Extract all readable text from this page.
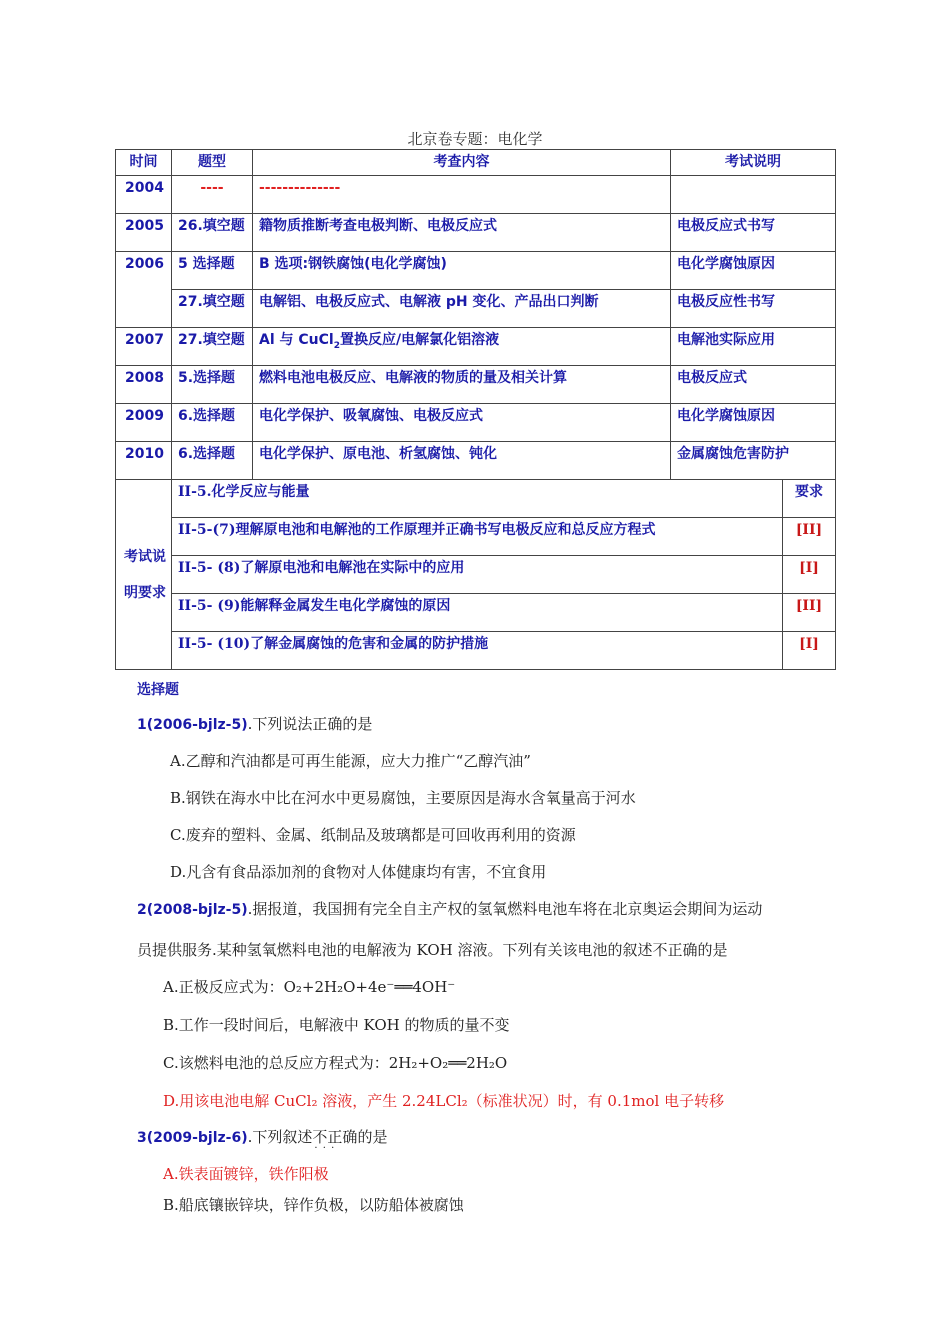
北京卷专题：电化学
时间	题型	考查内容	考试说明	
2004	----	--------------		
2005	26.填空题	籍物质推断考查电极判断、电极反应式	电极反应式书写	
2006	5 选择题	B 选项:钢铁腐蚀(电化学腐蚀)	电化学腐蚀原因	
	27.填空题	电解铝、电极反应式、电解液 pH 变化、产品出口判断	电极反应性书写	
2007	27.填空题	Al 与 CuCl$_2$置换反应/电解氯化铝溶液	电解池实际应用	
2008	5.选择题	燃料电池电极反应、电解液的物质的量及相关计算	电极反应式	
2009	6.选择题	电化学保护、吸氧腐蚀、电极反应式	电化学腐蚀原因	
2010	6.选择题	电化学保护、原电池、析氢腐蚀、钝化	金属腐蚀危害防护	
考试说明要求	II-5.化学反应与能量			要求
	II-5-(7)理解原电池和电解池的工作原理并正确书写电极反应和总反应方程式			[II]
	II-5- (8)了解原电池和电解池在实际中的应用			[I]
	II-5- (9)能解释金属发生电化学腐蚀的原因			[II]
	II-5- (10)了解金属腐蚀的危害和金属的防护措施			[I]
选择题
1(2006-bjlz-5).下列说法正确的是
A.乙醇和汽油都是可再生能源，应大力推广“乙醇汽油”
B.钢铁在海水中比在河水中更易腐蚀，主要原因是海水含氧量高于河水
C.废弃的塑料、金属、纸制品及玻璃都是可回收再利用的资源
D.凡含有食品添加剂的食物对人体健康均有害，不宜食用
2(2008-bjlz-5).据报道，我国拥有完全自主产权的氢氧燃料电池车将在北京奥运会期间为运动
员提供服务.某种氢氧燃料电池的电解液为 KOH 溶液。下列有关该电池的叙述不正确的是
A.正极反应式为：O₂+2H₂O+4e⁻══4OH⁻
B.工作一段时间后，电解液中 KOH 的物质的量不变
C.该燃料电池的总反应方程式为：2H₂+O₂══2H₂O
D.用该电池电解 CuCl₂ 溶液，产生 2.24LCl₂（标准状况）时，有 0.1mol 电子转移
3(2009-bjlz-6).下列叙述不正确 · · ·的是
A.铁表面镀锌，铁作阳极
B.船底镶嵌锌块，锌作负极，以防船体被腐蚀
